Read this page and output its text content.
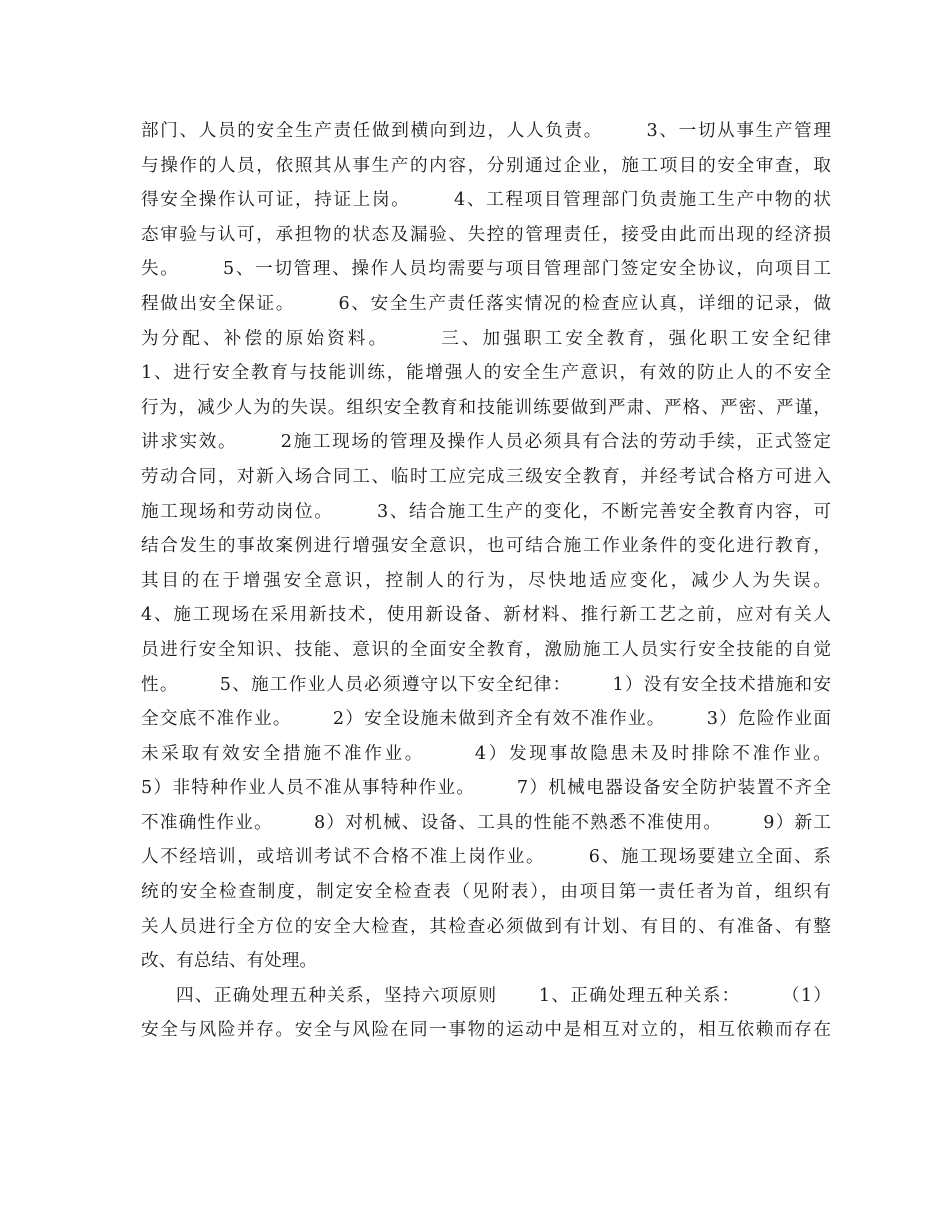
部门、人员的安全生产责任做到横向到边，人人负责。      3、一切从事生产管理
与操作的人员，依照其从事生产的内容，分别通过企业，施工项目的安全审查，取
得安全操作认可证，持证上岗。      4、工程项目管理部门负责施工生产中物的状
态审验与认可，承担物的状态及漏验、失控的管理责任，接受由此而出现的经济损
失。      5、一切管理、操作人员均需要与项目管理部门签定安全协议，向项目工
程做出安全保证。      6、安全生产责任落实情况的检查应认真，详细的记录，做
为分配、补偿的原始资料。      三、加强职工安全教育，强化职工安全纪律
1、进行安全教育与技能训练，能增强人的安全生产意识，有效的防止人的不安全
行为，减少人为的失误。组织安全教育和技能训练要做到严肃、严格、严密、严谨，
讲求实效。      2施工现场的管理及操作人员必须具有合法的劳动手续，正式签定
劳动合同，对新入场合同工、临时工应完成三级安全教育，并经考试合格方可进入
施工现场和劳动岗位。      3、结合施工生产的变化，不断完善安全教育内容，可
结合发生的事故案例进行增强安全意识，也可结合施工作业条件的变化进行教育，
其目的在于增强安全意识，控制人的行为，尽快地适应变化，减少人为失误。
4、施工现场在采用新技术，使用新设备、新材料、推行新工艺之前，应对有关人
员进行安全知识、技能、意识的全面安全教育，激励施工人员实行安全技能的自觉
性。      5、施工作业人员必须遵守以下安全纪律：      1）没有安全技术措施和安
全交底不准作业。      2）安全设施未做到齐全有效不准作业。      3）危险作业面
未采取有效安全措施不准作业。      4）发现事故隐患未及时排除不准作业。
5）非特种作业人员不准从事特种作业。      7）机械电器设备安全防护装置不齐全
不准确性作业。      8）对机械、设备、工具的性能不熟悉不准使用。      9）新工
人不经培训，或培训考试不合格不准上岗作业。      6、施工现场要建立全面、系
统的安全检查制度，制定安全检查表（见附表），由项目第一责任者为首，组织有
关人员进行全方位的安全大检查，其检查必须做到有计划、有目的、有准备、有整
改、有总结、有处理。
四、正确处理五种关系，坚持六项原则      1、正确处理五种关系：      （1）
安全与风险并存。安全与风险在同一事物的运动中是相互对立的，相互依赖而存在
